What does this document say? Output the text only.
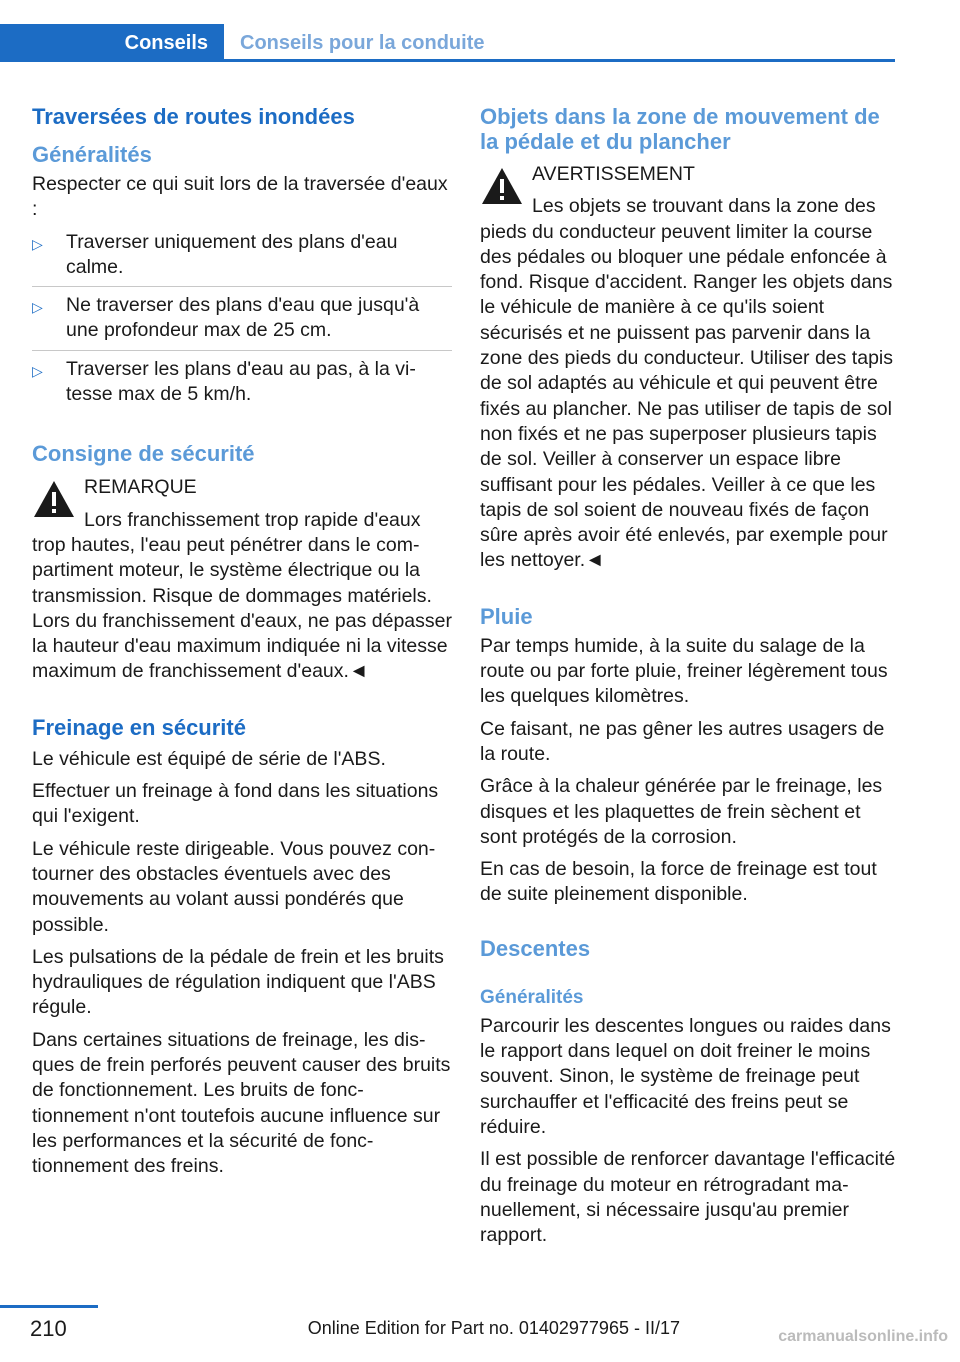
Conseils	Conseils pour la conduite
Traversées de routes inondées
Généralités

Respecter ce qui suit lors de la traversée d'eaux :

▷ Traverser uniquement des plans d'eau calme.
▷ Ne traverser des plans d'eau que jusqu'à une profondeur max de 25 cm.
▷ Traverser les plans d'eau au pas, à la vitesse max de 5 km/h.
Consigne de sécurité
REMARQUE
Lors franchissement trop rapide d'eaux trop hautes, l'eau peut pénétrer dans le compartiment moteur, le système électrique ou la transmission. Risque de dommages matériels. Lors du franchissement d'eaux, ne pas dépasser la hauteur d'eau maximum indiquée ni la vitesse maximum de franchissement d'eaux.◄
Freinage en sécurité

Le véhicule est équipé de série de l'ABS.

Effectuer un freinage à fond dans les situations qui l'exigent.

Le véhicule reste dirigeable. Vous pouvez contourner des obstacles éventuels avec des mouvements au volant aussi pondérés que possible.

Les pulsations de la pédale de frein et les bruits hydrauliques de régulation indiquent que l'ABS régule.

Dans certaines situations de freinage, les disques de frein perforés peuvent causer des bruits de fonctionnement. Les bruits de fonctionnement n'ont toutefois aucune influence sur les performances et la sécurité de fonctionnement des freins.

Objets dans la zone de mouvement de la pédale et du plancher
AVERTISSEMENT
Les objets se trouvant dans la zone des pieds du conducteur peuvent limiter la course des pédales ou bloquer une pédale enfoncée à fond. Risque d'accident. Ranger les objets dans le véhicule de manière à ce qu'ils soient sécurisés et ne puissent pas parvenir dans la zone des pieds du conducteur. Utiliser des tapis de sol adaptés au véhicule et qui peuvent être fixés au plancher. Ne pas utiliser de tapis de sol non fixés et ne pas superposer plusieurs tapis de sol. Veiller à conserver un espace libre suffisant pour les pédales. Veiller à ce que les tapis de sol soient de nouveau fixés de façon sûre après avoir été enlevés, par exemple pour les nettoyer.◄
Pluie

Par temps humide, à la suite du salage de la route ou par forte pluie, freiner légèrement tous les quelques kilomètres.

Ce faisant, ne pas gêner les autres usagers de la route.

Grâce à la chaleur générée par le freinage, les disques et les plaquettes de frein sèchent et sont protégés de la corrosion.

En cas de besoin, la force de freinage est tout de suite pleinement disponible.

Descentes
Généralités

Parcourir les descentes longues ou raides dans le rapport dans lequel on doit freiner le moins souvent. Sinon, le système de freinage peut surchauffer et l'efficacité des freins peut se réduire.

Il est possible de renforcer davantage l'efficacité du freinage du moteur en rétrogradant manuellement, si nécessaire jusqu'au premier rapport.

210	Online Edition for Part no. 01402977965 - II/17	carmanualsonline.info
